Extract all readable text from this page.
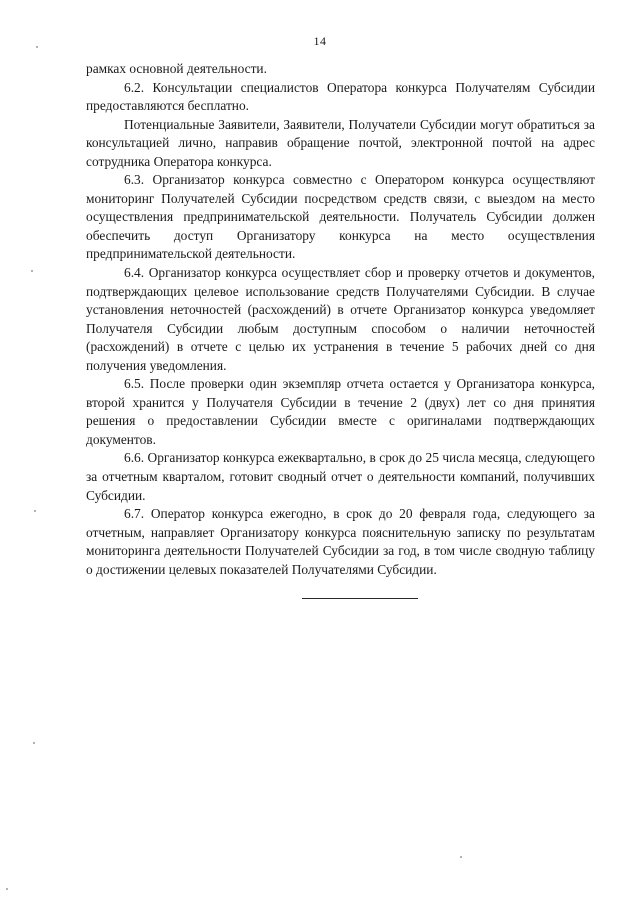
14

рамках основной деятельности.

6.2. Консультации специалистов Оператора конкурса Получателям Субсидии предоставляются бесплатно.

Потенциальные Заявители, Заявители, Получатели Субсидии могут обратиться за консультацией лично, направив обращение почтой, электронной почтой на адрес сотрудника Оператора конкурса.

6.3. Организатор конкурса совместно с Оператором конкурса осуществляют мониторинг Получателей Субсидии посредством средств связи, с выездом на место осуществления предпринимательской деятельности. Получатель Субсидии должен обеспечить доступ Организатору конкурса на место осуществления предпринимательской деятельности.

6.4. Организатор конкурса осуществляет сбор и проверку отчетов и документов, подтверждающих целевое использование средств Получателями Субсидии. В случае установления неточностей (расхождений) в отчете Организатор конкурса уведомляет Получателя Субсидии любым доступным способом о наличии неточностей (расхождений) в отчете с целью их устранения в течение 5 рабочих дней со дня получения уведомления.

6.5. После проверки один экземпляр отчета остается у Организатора конкурса, второй хранится у Получателя Субсидии в течение 2 (двух) лет со дня принятия решения о предоставлении Субсидии вместе с оригиналами подтверждающих документов.

6.6. Организатор конкурса ежеквартально, в срок до 25 числа месяца, следующего за отчетным кварталом, готовит сводный отчет о деятельности компаний, получивших Субсидии.

6.7. Оператор конкурса ежегодно, в срок до 20 февраля года, следующего за отчетным, направляет Организатору конкурса пояснительную записку по результатам мониторинга деятельности Получателей Субсидии за год, в том числе сводную таблицу о достижении целевых показателей Получателями Субсидии.
